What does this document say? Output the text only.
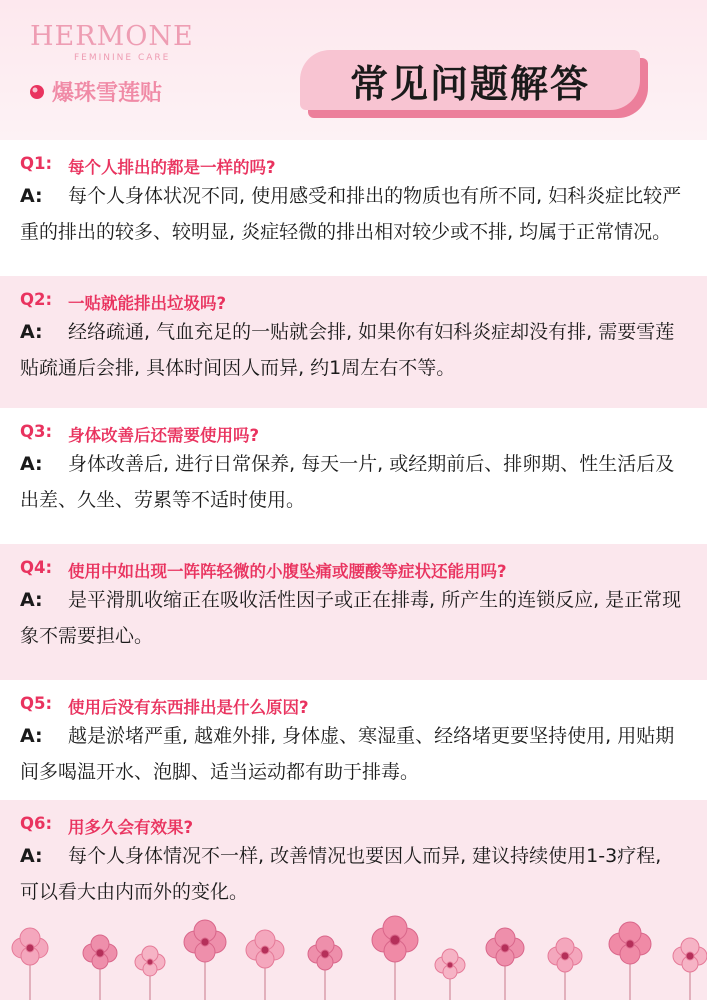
HERMONE
FEMININE CARE
爆珠雪莲贴	常见问题解答
Q1: 每个人排出的都是一样的吗?
A: 每个人身体状况不同, 使用感受和排出的物质也有所不同, 妇科炎症比较严重的排出的较多、较明显, 炎症轻微的排出相对较少或不排, 均属于正常情况。
Q2: 一贴就能排出垃圾吗?
A: 经络疏通, 气血充足的一贴就会排, 如果你有妇科炎症却没有排, 需要雪莲贴疏通后会排, 具体时间因人而异, 约1周左右不等。
Q3: 身体改善后还需要使用吗?
A: 身体改善后, 进行日常保养, 每天一片, 或经期前后、排卵期、性生活后及出差、久坐、劳累等不适时使用。
Q4: 使用中如出现一阵阵轻微的小腹坠痛或腰酸等症状还能用吗?
A: 是平滑肌收缩正在吸收活性因子或正在排毒, 所产生的连锁反应, 是正常现象不需要担心。
Q5: 使用后没有东西排出是什么原因?
A: 越是淤堵严重, 越难外排, 身体虚、寒湿重、经络堵更要坚持使用, 用贴期间多喝温开水、泡脚、适当运动都有助于排毒。
Q6: 用多久会有效果?
A: 每个人身体情况不一样, 改善情况也要因人而异, 建议持续使用1-3疗程, 可以看大由内而外的变化。
